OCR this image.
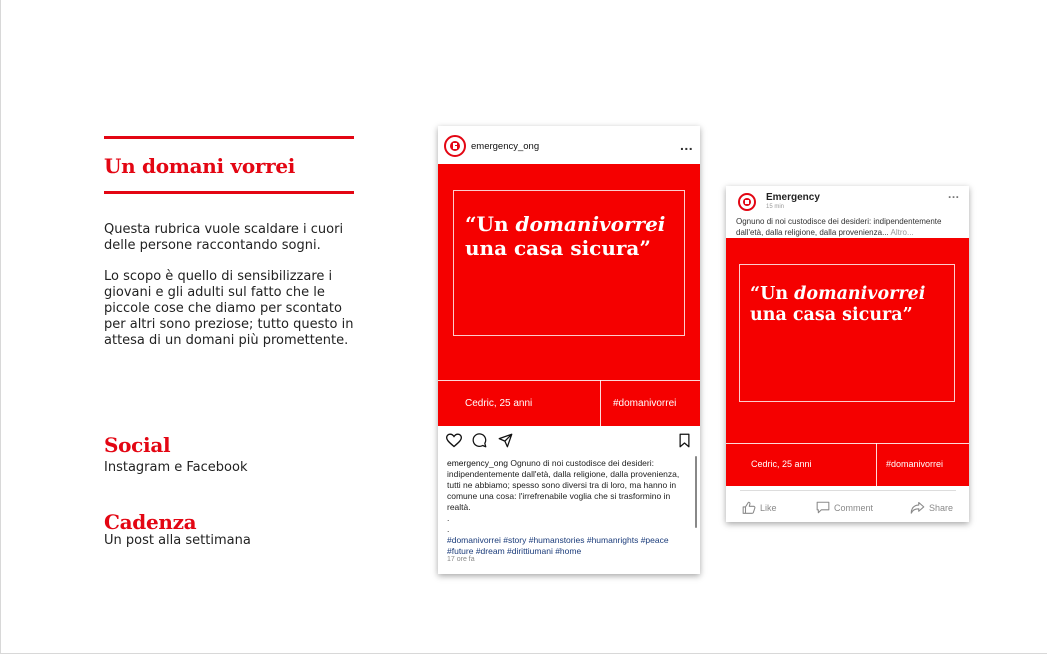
Un domani vorrei
Questa rubrica vuole scaldare i cuori delle persone raccontando sogni.
Lo scopo è quello di sensibilizzare i giovani e gli adulti sul fatto che le piccole cose che diamo per scontato per altri sono preziose; tutto questo in attesa di un domani più promettente.
Social
Instagram e Facebook
Cadenza
Un post alla settimana
emergency_ong	...
“Un domanivorrei
una casa sicura”
Cedric, 25 anni	#domanivorrei
emergency_ong Ognuno di noi custodisce dei desideri: indipendentemente dall'età, dalla religione, dalla provenienza, tutti ne abbiamo; spesso sono diversi tra di loro, ma hanno in comune una cosa: l'irrefrenabile voglia che si trasformino in realtà.
.
.
#domanivorrei #story #humanstories #humanrights #peace #future #dream #dirittiumani #home
17 ore fa
Emergency
15 min
...
Ognuno di noi custodisce dei desideri: indipendentemente dall'età, dalla religione, dalla provenienza... Altro...
“Un domanivorrei
una casa sicura”
Cedric, 25 anni	#domanivorrei
Like	Comment	Share
